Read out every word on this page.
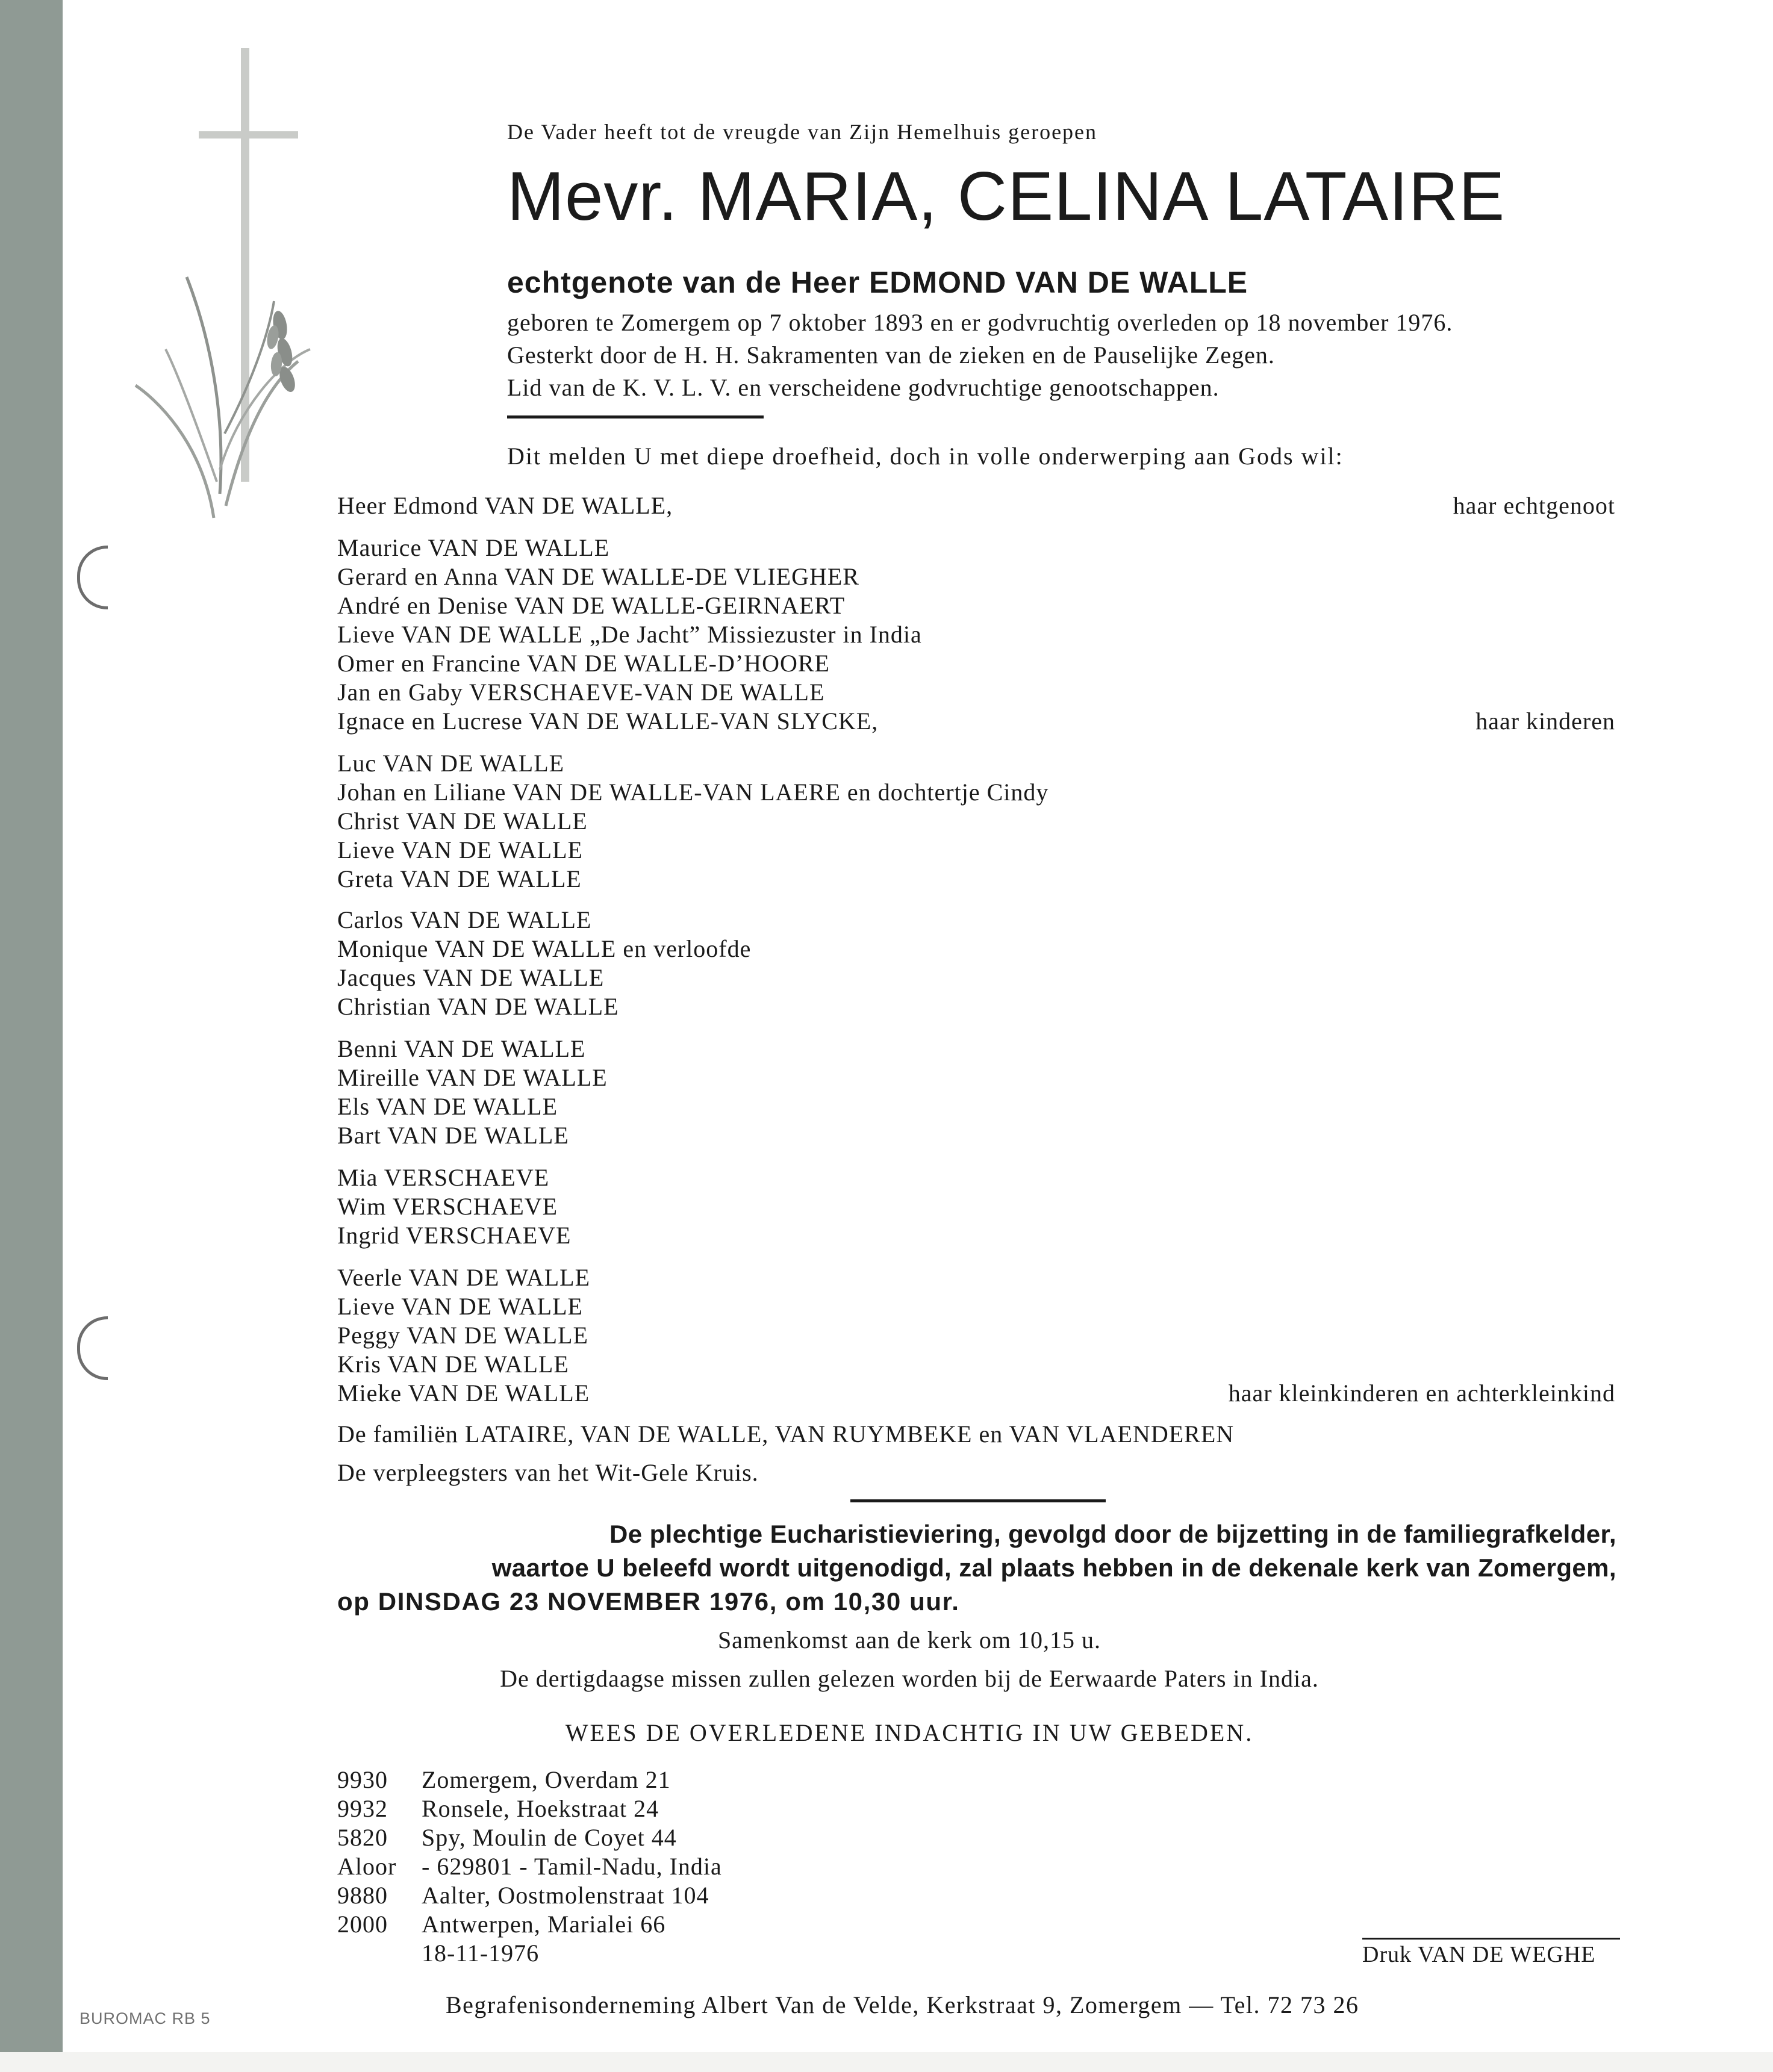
De Vader heeft tot de vreugde van Zijn Hemelhuis geroepen
Mevr. MARIA, CELINA LATAIRE
echtgenote van de Heer EDMOND VAN DE WALLE
geboren te Zomergem op 7 oktober 1893 en er godvruchtig overleden op 18 november 1976.
Gesterkt door de H. H. Sakramenten van de zieken en de Pauselijke Zegen.
Lid van de K. V. L. V. en verscheidene godvruchtige genootschappen.
Dit melden U met diepe droefheid, doch in volle onderwerping aan Gods wil:
Heer Edmond VAN DE WALLE,	haar echtgenoot
Maurice VAN DE WALLE
Gerard en Anna VAN DE WALLE-DE VLIEGHER
André en Denise VAN DE WALLE-GEIRNAERT
Lieve VAN DE WALLE „De Jacht” Missiezuster in India
Omer en Francine VAN DE WALLE-D’HOORE
Jan en Gaby VERSCHAEVE-VAN DE WALLE
Ignace en Lucrese VAN DE WALLE-VAN SLYCKE,	haar kinderen
Luc VAN DE WALLE
Johan en Liliane VAN DE WALLE-VAN LAERE en dochtertje Cindy
Christ VAN DE WALLE
Lieve VAN DE WALLE
Greta VAN DE WALLE
Carlos VAN DE WALLE
Monique VAN DE WALLE en verloofde
Jacques VAN DE WALLE
Christian VAN DE WALLE
Benni VAN DE WALLE
Mireille VAN DE WALLE
Els VAN DE WALLE
Bart VAN DE WALLE
Mia VERSCHAEVE
Wim VERSCHAEVE
Ingrid VERSCHAEVE
Veerle VAN DE WALLE
Lieve VAN DE WALLE
Peggy VAN DE WALLE
Kris VAN DE WALLE
Mieke VAN DE WALLE	haar kleinkinderen en achterkleinkind
De familiën LATAIRE, VAN DE WALLE, VAN RUYMBEKE en VAN VLAENDEREN
De verpleegsters van het Wit-Gele Kruis.
De plechtige Eucharistieviering, gevolgd door de bijzetting in de familiegrafkelder,
waartoe U beleefd wordt uitgenodigd, zal plaats hebben in de dekenale kerk van Zomergem,
op DINSDAG 23 NOVEMBER 1976, om 10,30 uur.
Samenkomst aan de kerk om 10,15 u.
De dertigdaagse missen zullen gelezen worden bij de Eerwaarde Paters in India.
WEES DE OVERLEDENE INDACHTIG IN UW GEBEDEN.
9930 Zomergem, Overdam 21
9932 Ronsele, Hoekstraat 24
5820 Spy, Moulin de Coyet 44
Aloor - 629801 - Tamil-Nadu, India
9880 Aalter, Oostmolenstraat 104
2000 Antwerpen, Marialei 66
18-11-1976	Druk VAN DE WEGHE
Begrafenisonderneming Albert Van de Velde, Kerkstraat 9, Zomergem — Tel. 72 73 26
BUROMAC RB 5
